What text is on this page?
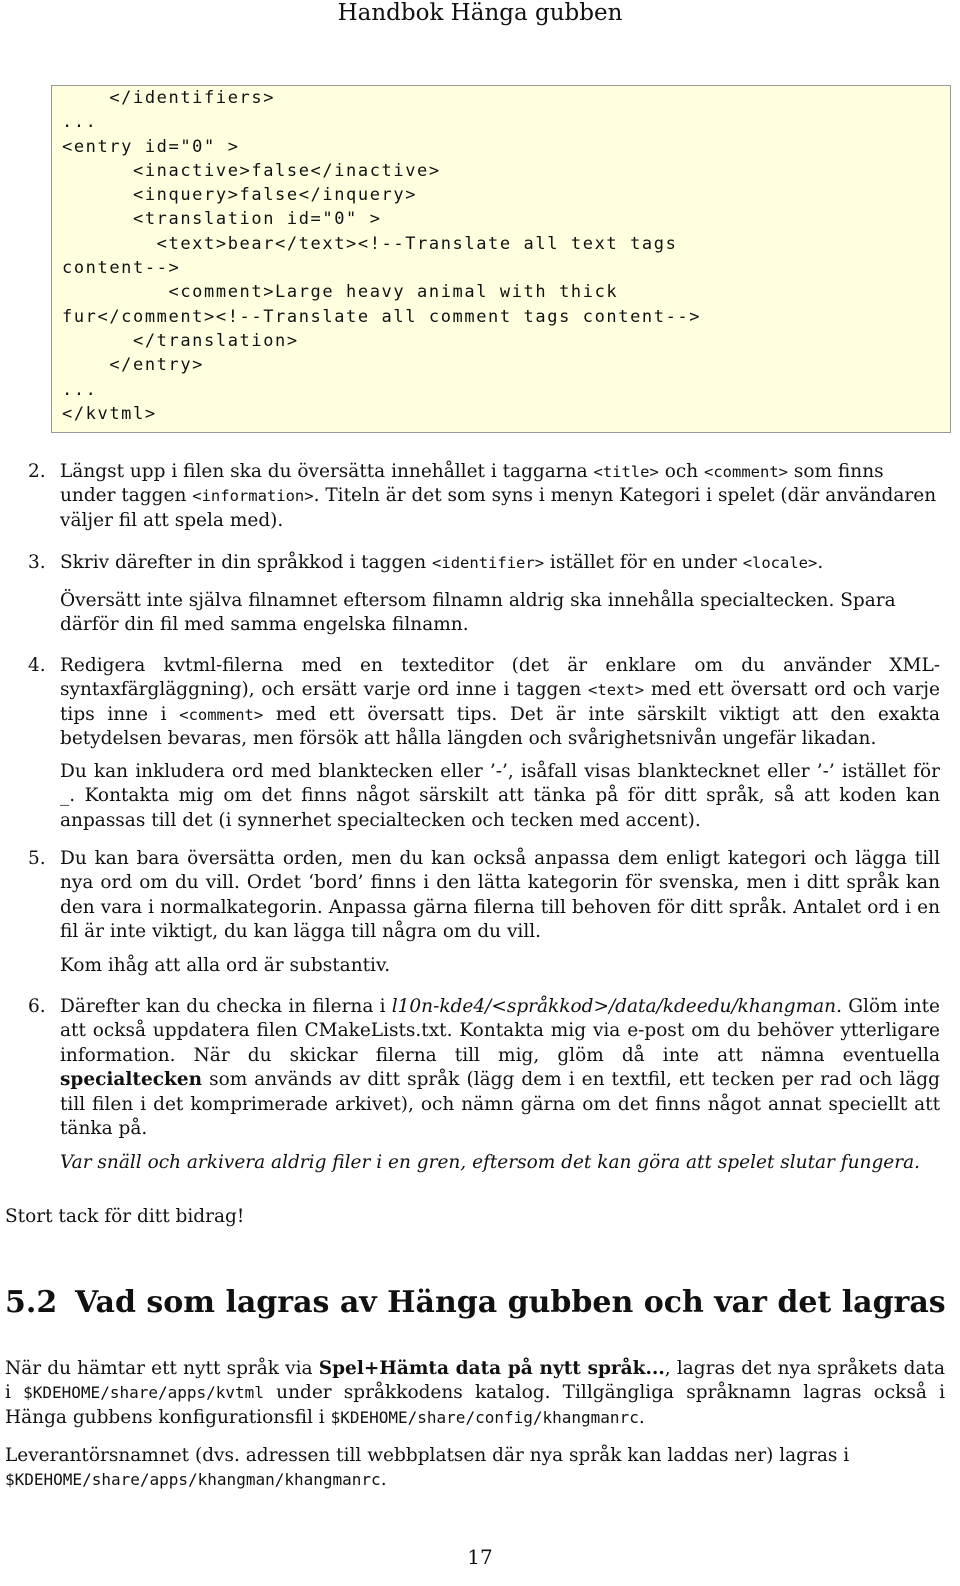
Handbok Hänga gubben
</identifiers>
...
<entry id="0" >
<inactive>false</inactive>
<inquery>false</inquery>
<translation id="0" >
<text>bear</text><!--Translate all text tags
content-->
<comment>Large heavy animal with thick
fur</comment><!--Translate all comment tags content-->
</translation>
</entry>
...
</kvtml>
2. Längst upp i filen ska du översätta innehållet i taggarna <title> och <comment> som finns under taggen <information>. Titeln är det som syns i menyn Kategori i spelet (där användaren väljer fil att spela med).
3. Skriv därefter in din språkkod i taggen <identifier> istället för en under <locale>.
Översätt inte själva filnamnet eftersom filnamn aldrig ska innehålla specialtecken. Spara därför din fil med samma engelska filnamn.
4. Redigera kvtml-filerna med en texteditor (det är enklare om du använder XML-syntaxfärgläggning), och ersätt varje ord inne i taggen <text> med ett översatt ord och varje tips inne i <comment> med ett översatt tips. Det är inte särskilt viktigt att den exakta betydelsen bevaras, men försök att hålla längden och svårighetsnivån ungefär likadan.
Du kan inkludera ord med blanktecken eller ’-’, isåfall visas blanktecknet eller ’-’ istället för _. Kontakta mig om det finns något särskilt att tänka på för ditt språk, så att koden kan anpassas till det (i synnerhet specialtecken och tecken med accent).
5. Du kan bara översätta orden, men du kan också anpassa dem enligt kategori och lägga till nya ord om du vill. Ordet ‘bord’ finns i den lätta kategorin för svenska, men i ditt språk kan den vara i normalkategorin. Anpassa gärna filerna till behoven för ditt språk. Antalet ord i en fil är inte viktigt, du kan lägga till några om du vill.
Kom ihåg att alla ord är substantiv.
6. Därefter kan du checka in filerna i l10n-kde4/<språkkod>/data/kdeedu/khangman. Glöm inte att också uppdatera filen CMakeLists.txt. Kontakta mig via e-post om du behöver ytterligare information. När du skickar filerna till mig, glöm då inte att nämna eventuella specialtecken som används av ditt språk (lägg dem i en textfil, ett tecken per rad och lägg till filen i det komprimerade arkivet), och nämn gärna om det finns något annat speciellt att tänka på.
Var snäll och arkivera aldrig filer i en gren, eftersom det kan göra att spelet slutar fungera.
Stort tack för ditt bidrag!
5.2 Vad som lagras av Hänga gubben och var det lagras
När du hämtar ett nytt språk via Spel+Hämta data på nytt språk..., lagras det nya språkets data i $KDEHOME/share/apps/kvtml under språkkodens katalog. Tillgängliga språknamn lagras också i Hänga gubbens konfigurationsfil i $KDEHOME/share/config/khangmanrc.
Leverantörsnamnet (dvs. adressen till webbplatsen där nya språk kan laddas ner) lagras i $KDEHOME/share/apps/khangman/khangmanrc.
17
